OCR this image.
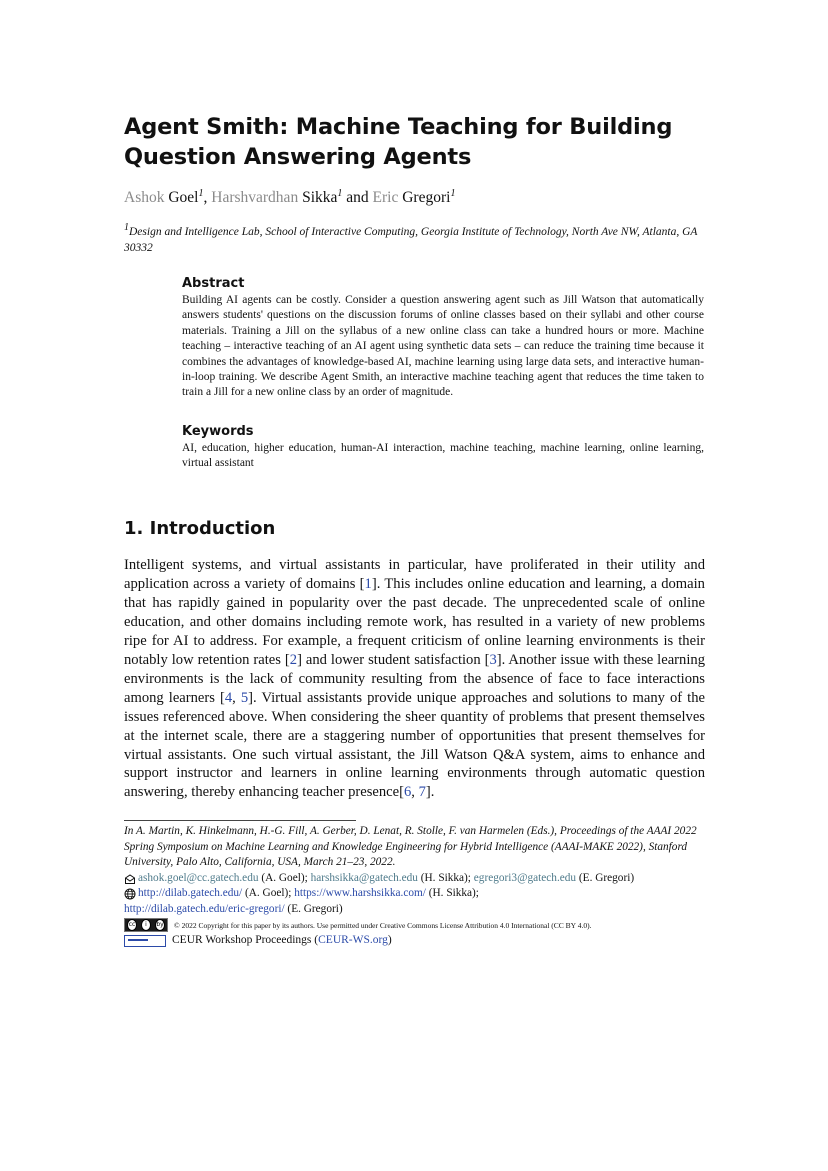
Agent Smith: Machine Teaching for Building Question Answering Agents
Ashok Goel$^1$, Harshvardhan Sikka$^1$ and Eric Gregori$^1$
$^1$Design and Intelligence Lab, School of Interactive Computing, Georgia Institute of Technology, North Ave NW, Atlanta, GA 30332
Abstract

Building AI agents can be costly. Consider a question answering agent such as Jill Watson that automatically answers students' questions on the discussion forums of online classes based on their syllabi and other course materials. Training a Jill on the syllabus of a new online class can take a hundred hours or more. Machine teaching – interactive teaching of an AI agent using synthetic data sets – can reduce the training time because it combines the advantages of knowledge-based AI, machine learning using large data sets, and interactive human-in-loop training. We describe Agent Smith, an interactive machine teaching agent that reduces the time taken to train a Jill for a new online class by an order of magnitude.

Keywords

AI, education, higher education, human-AI interaction, machine teaching, machine learning, online learning, virtual assistant

1. Introduction

Intelligent systems, and virtual assistants in particular, have proliferated in their utility and application across a variety of domains [1]. This includes online education and learning, a domain that has rapidly gained in popularity over the past decade. The unprecedented scale of online education, and other domains including remote work, has resulted in a variety of new problems ripe for AI to address. For example, a frequent criticism of online learning environments is their notably low retention rates [2] and lower student satisfaction [3]. Another issue with these learning environments is the lack of community resulting from the absence of face to face interactions among learners [4, 5]. Virtual assistants provide unique approaches and solutions to many of the issues referenced above. When considering the sheer quantity of problems that present themselves at the internet scale, there are a staggering number of opportunities that present themselves for virtual assistants. One such virtual assistant, the Jill Watson Q&A system, aims to enhance and support instructor and learners in online learning environments through automatic question answering, thereby enhancing teacher presence[6, 7].

In A. Martin, K. Hinkelmann, H.-G. Fill, A. Gerber, D. Lenat, R. Stolle, F. van Harmelen (Eds.), Proceedings of the AAAI 2022 Spring Symposium on Machine Learning and Knowledge Engineering for Hybrid Intelligence (AAAI-MAKE 2022), Stanford University, Palo Alto, California, USA, March 21–23, 2022.
ashok.goel@cc.gatech.edu (A. Goel); harshsikka@gatech.edu (H. Sikka); egregori3@gatech.edu (E. Gregori)
http://dilab.gatech.edu/ (A. Goel); https://www.harshsikka.com/ (H. Sikka);
http://dilab.gatech.edu/eric-gregori/ (E. Gregori)
cc	i	by © 2022 Copyright for this paper by its authors. Use permitted under Creative Commons License Attribution 4.0 International (CC BY 4.0).
CEUR Workshop Proceedings (CEUR-WS.org)
